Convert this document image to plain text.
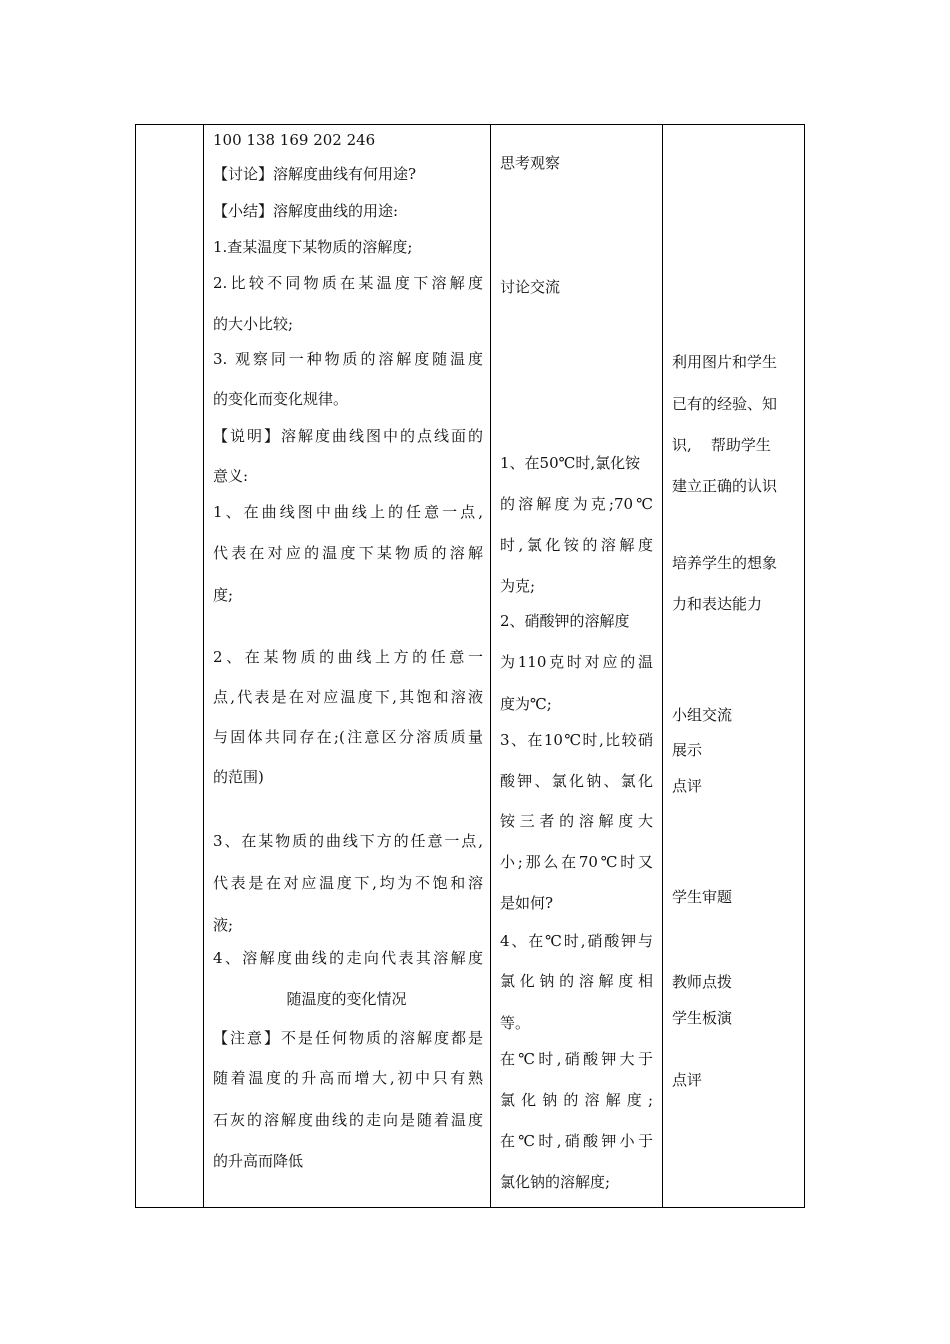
100 138 169 202 246
【讨论】溶解度曲线有何用途?
【小结】溶解度曲线的用途:
1.查某温度下某物质的溶解度;
2.比较不同物质在某温度下溶解度
的大小比较;
3. 观察同一种物质的溶解度随温度
的变化而变化规律。
【说明】溶解度曲线图中的点线面的
意义:
1、在曲线图中曲线上的任意一点,
代表在对应的温度下某物质的溶解
度;
2、在某物质的曲线上方的任意一
点,代表是在对应温度下,其饱和溶液
与固体共同存在;(注意区分溶质质量
的范围)
3、在某物质的曲线下方的任意一点,
代表是在对应温度下,均为不饱和溶
液;
4、溶解度曲线的走向代表其溶解度
随温度的变化情况
【注意】不是任何物质的溶解度都是
随着温度的升高而增大,初中只有熟
石灰的溶解度曲线的走向是随着温度
的升高而降低
思考观察
讨论交流
1、在50℃时,氯化铵
的溶解度为克;70℃
时,氯化铵的溶解度
为克;
2、硝酸钾的溶解度
为110克时对应的温
度为℃;
3、在10℃时,比较硝
酸钾、氯化钠、氯化
铵三者的溶解度大
小;那么在70℃时又
是如何?
4、在℃时,硝酸钾与
氯化钠的溶解度相
等。
在℃时,硝酸钾大于
氯化钠的溶解度;
在℃时,硝酸钾小于
氯化钠的溶解度;
利用图片和学生
已有的经验、知
识,    帮助学生
建立正确的认识
培养学生的想象
力和表达能力
小组交流
展示
点评
学生审题
教师点拨
学生板演
点评
